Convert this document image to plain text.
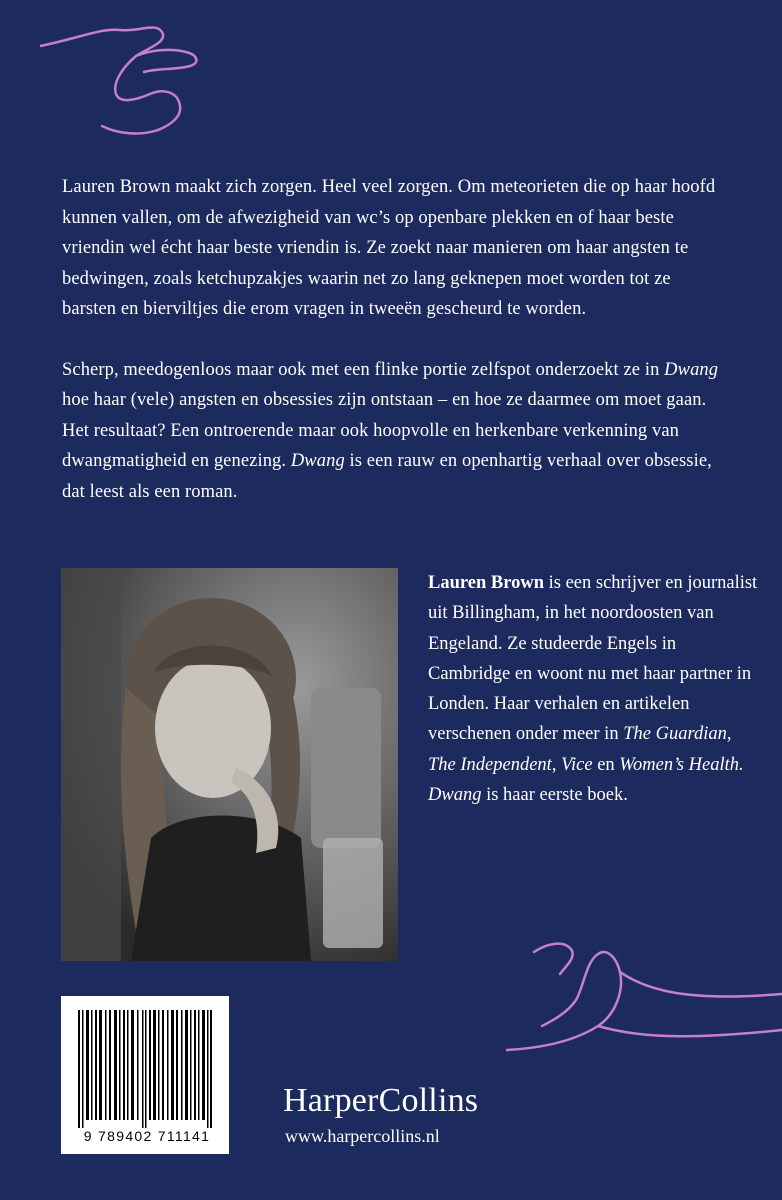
Lauren Brown maakt zich zorgen. Heel veel zorgen. Om meteorieten die op haar hoofd kunnen vallen, om de afwezigheid van wc’s op openbare plekken en of haar beste vriendin wel écht haar beste vriendin is. Ze zoekt naar manieren om haar angsten te bedwingen, zoals ketchupzakjes waarin net zo lang geknepen moet worden tot ze barsten en bierviltjes die erom vragen in tweeën gescheurd te worden.

Scherp, meedogenloos maar ook met een flinke portie zelfspot onderzoekt ze in Dwang hoe haar (vele) angsten en obsessies zijn ontstaan – en hoe ze daarmee om moet gaan. Het resultaat? Een ontroerende maar ook hoopvolle en herkenbare verkenning van dwangmatigheid en genezing. Dwang is een rauw en openhartig verhaal over obsessie, dat leest als een roman.

Lauren Brown is een schrijver en journalist uit Billingham, in het noordoosten van Engeland. Ze studeerde Engels in Cambridge en woont nu met haar partner in Londen. Haar verhalen en artikelen verschenen onder meer in The Guardian, The Independent, Vice en Women’s Health. Dwang is haar eerste boek.

9 789402 711141
HarperCollins
www.harpercollins.nl
